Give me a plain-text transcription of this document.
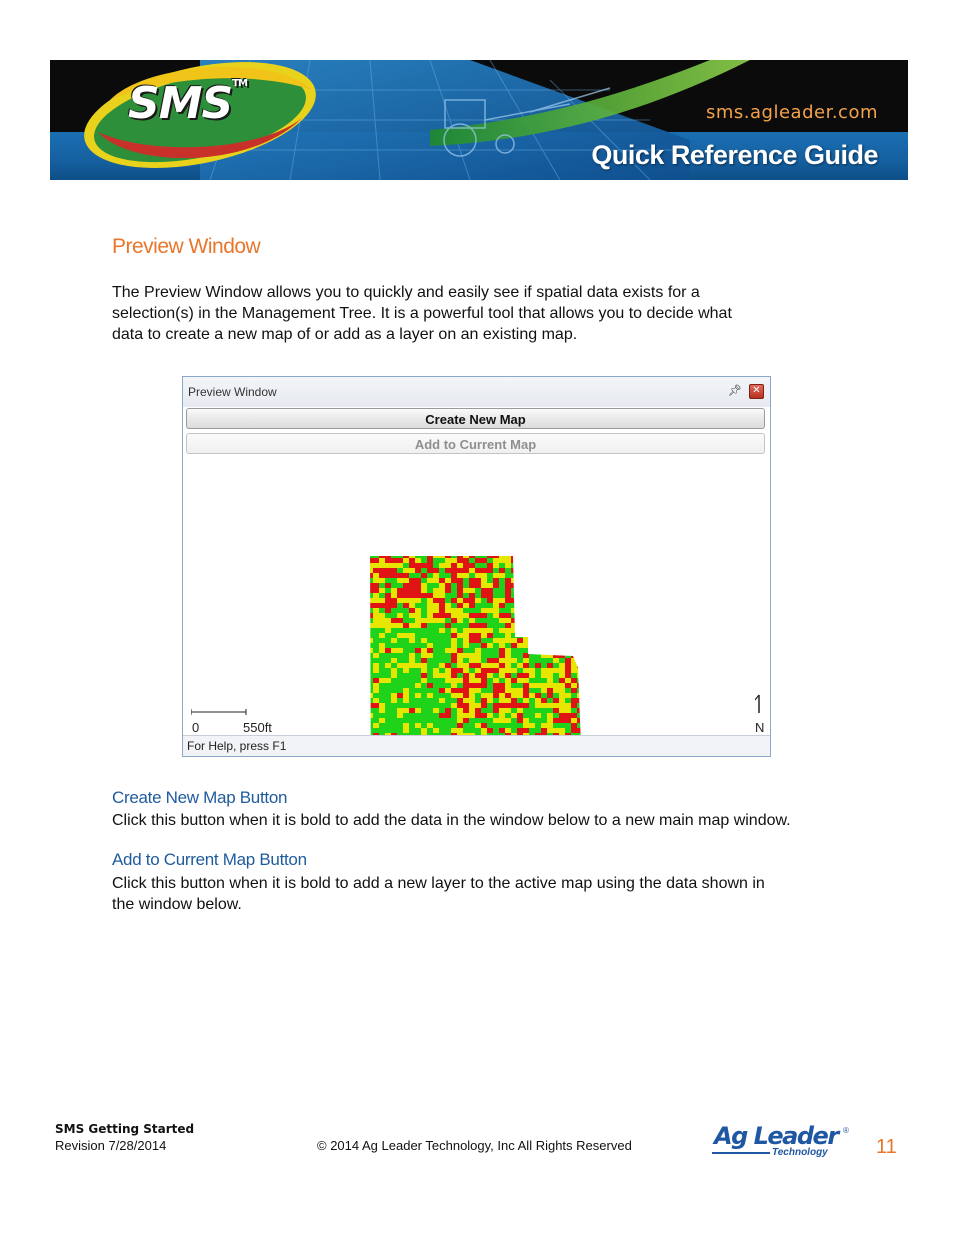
SMS™
sms.agleader.com
Quick Reference Guide
Preview Window

The Preview Window allows you to quickly and easily see if spatial data exists for a
selection(s) in the Management Tree. It is a powerful tool that allows you to decide what
data to create a new map of or add as a layer on an existing map.

Preview Window	📌︎	✕
Create New Map
Add to Current Map
0	550ft	N
For Help, press F1
Create New Map Button

Click this button when it is bold to add the data in the window below to a new main map window.

Add to Current Map Button

Click this button when it is bold to add a new layer to the active map using the data shown in
the window below.

SMS Getting Started
Revision 7/28/2014	© 2014 Ag Leader Technology, Inc All Rights Reserved	Ag Leader ®
Technology 11
